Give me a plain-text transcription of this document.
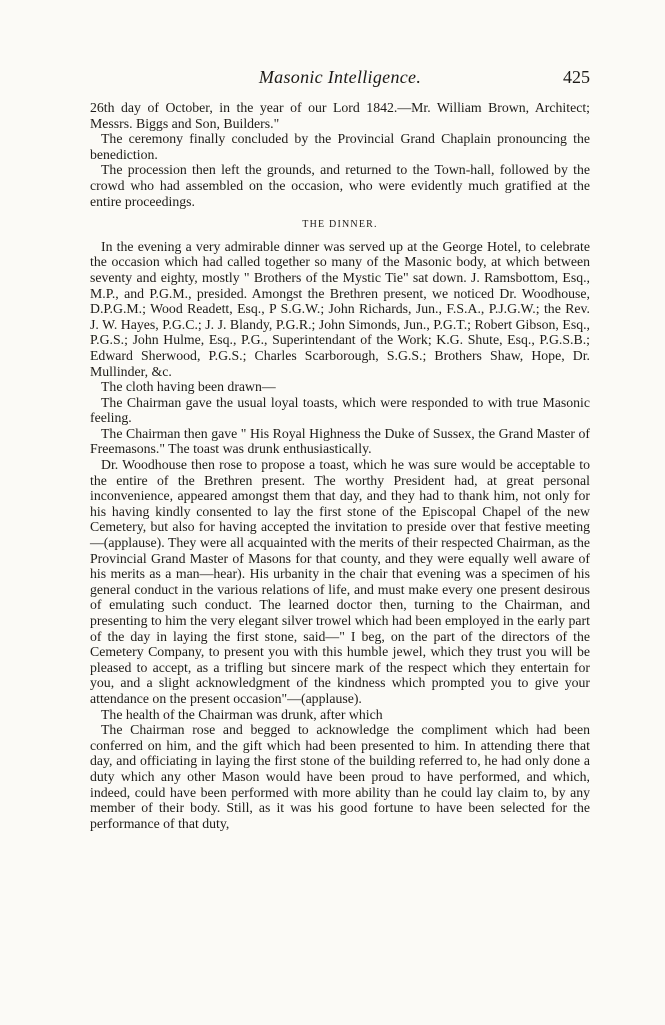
Masonic Intelligence.	425

26th day of October, in the year of our Lord 1842.—Mr. William Brown, Architect; Messrs. Biggs and Son, Builders."

The ceremony finally concluded by the Provincial Grand Chaplain pronouncing the benediction.

The procession then left the grounds, and returned to the Town-hall, followed by the crowd who had assembled on the occasion, who were evidently much gratified at the entire proceedings.

THE DINNER.

In the evening a very admirable dinner was served up at the George Hotel, to celebrate the occasion which had called together so many of the Masonic body, at which between seventy and eighty, mostly " Brothers of the Mystic Tie" sat down. J. Ramsbottom, Esq., M.P., and P.G.M., presided. Amongst the Brethren present, we noticed Dr. Woodhouse, D.P.G.M.; Wood Readett, Esq., P S.G.W.; John Richards, Jun., F.S.A., P.J.G.W.; the Rev. J. W. Hayes, P.G.C.; J. J. Blandy, P.G.R.; John Simonds, Jun., P.G.T.; Robert Gibson, Esq., P.G.S.; John Hulme, Esq., P.G., Superintendant of the Work; K.G. Shute, Esq., P.G.S.B.; Edward Sherwood, P.G.S.; Charles Scarborough, S.G.S.; Brothers Shaw, Hope, Dr. Mullinder, &c.

The cloth having been drawn—

The Chairman gave the usual loyal toasts, which were responded to with true Masonic feeling.

The Chairman then gave " His Royal Highness the Duke of Sussex, the Grand Master of Freemasons." The toast was drunk enthusiastically.

Dr. Woodhouse then rose to propose a toast, which he was sure would be acceptable to the entire of the Brethren present. The worthy President had, at great personal inconvenience, appeared amongst them that day, and they had to thank him, not only for his having kindly consented to lay the first stone of the Episcopal Chapel of the new Cemetery, but also for having accepted the invitation to preside over that festive meeting—(applause). They were all acquainted with the merits of their respected Chairman, as the Provincial Grand Master of Masons for that county, and they were equally well aware of his merits as a man—hear). His urbanity in the chair that evening was a specimen of his general conduct in the various relations of life, and must make every one present desirous of emulating such conduct. The learned doctor then, turning to the Chairman, and presenting to him the very elegant silver trowel which had been employed in the early part of the day in laying the first stone, said—" I beg, on the part of the directors of the Cemetery Company, to present you with this humble jewel, which they trust you will be pleased to accept, as a trifling but sincere mark of the respect which they entertain for you, and a slight acknowledgment of the kindness which prompted you to give your attendance on the present occasion"—(applause).

The health of the Chairman was drunk, after which

The Chairman rose and begged to acknowledge the compliment which had been conferred on him, and the gift which had been presented to him. In attending there that day, and officiating in laying the first stone of the building referred to, he had only done a duty which any other Mason would have been proud to have performed, and which, indeed, could have been performed with more ability than he could lay claim to, by any member of their body. Still, as it was his good fortune to have been selected for the performance of that duty,
